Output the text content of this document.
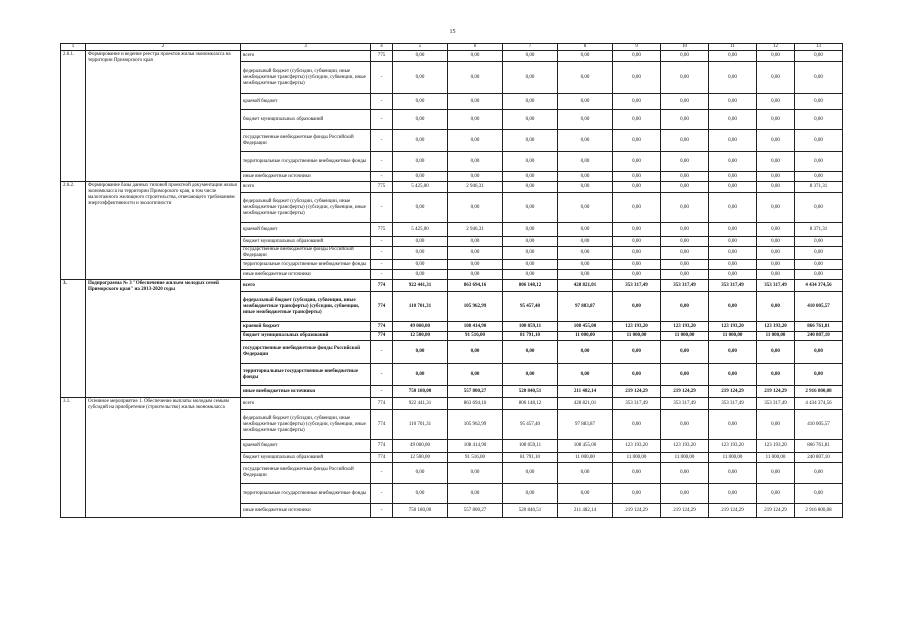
15
1	2	3	4	5	6	7	8	9	10	11	12	13
2.6.1.	Формирование и ведение реестра проектов жилья экономкласса на территории Приморского края	всего	775	0,00	0,00	0,00	0,00	0,00	0,00	0,00	0,00	0,00
		федеральный бюджет (субсидии, субвенции, иные межбюджетные трансферты) (субсидии, субвенции, иные межбюджетные трансферты)	-	0,00	0,00	0,00	0,00	0,00	0,00	0,00	0,00	0,00
		краевой бюджет	-	0,00	0,00	0,00	0,00	0,00	0,00	0,00	0,00	0,00
		бюджет муниципальных образований	-	0,00	0,00	0,00	0,00	0,00	0,00	0,00	0,00	0,00
		государственные внебюджетные фонды Российской Федерации	-	0,00	0,00	0,00	0,00	0,00	0,00	0,00	0,00	0,00
		территориальные государственные внебюджетные фонды	-	0,00	0,00	0,00	0,00	0,00	0,00	0,00	0,00	0,00
		иные внебюджетные источники	-	0,00	0,00	0,00	0,00	0,00	0,00	0,00	0,00	0,00
2.6.2.	Формирование базы данных типовой проектной документации жилья экономкласса на территории Приморского края, в том числе малоэтажного жилищного строительства, отвечающего требованиям энергоэффективности и экологичности	всего	775	5 425,00	2 946,31	0,00	0,00	0,00	0,00	0,00	0,00	8 371,31
		федеральный бюджет (субсидии, субвенции, иные межбюджетные трансферты) (субсидии, субвенции, иные межбюджетные трансферты)	-	0,00	0,00	0,00	0,00	0,00	0,00	0,00	0,00	0,00
		краевой бюджет	775	5 425,00	2 946,31	0,00	0,00	0,00	0,00	0,00	0,00	8 371,31
		бюджет муниципальных образований	-	0,00	0,00	0,00	0,00	0,00	0,00	0,00	0,00	0,00
		государственные внебюджетные фонды Российской Федерации	-	0,00	0,00	0,00	0,00	0,00	0,00	0,00	0,00	0,00
		территориальные государственные внебюджетные фонды	-	0,00	0,00	0,00	0,00	0,00	0,00	0,00	0,00	0,00
		иные внебюджетные источники	-	0,00	0,00	0,00	0,00	0,00	0,00	0,00	0,00	0,00
3.	Подпрограмма № 3 "Обеспечение жильем молодых семей Приморского края" на 2013-2020 годы	всего	774	922 441,31	863 694,16	806 148,12	428 821,01	353 317,49	353 317,49	353 317,49	353 317,49	4 434 374,56
		федеральный бюджет (субсидии, субвенции, иные межбюджетные трансферты) (субсидии, субвенции, иные межбюджетные трансферты)	774	110 701,31	105 962,99	95 457,40	97 883,87	0,00	0,00	0,00	0,00	410 005,57
		краевой бюджет	774	49 060,00	108 414,90	108 059,11	108 455,00	123 193,20	123 193,20	123 193,20	123 193,20	866 761,81
		бюджет муниципальных образований	774	12 500,00	91 516,00	81 791,10	11 000,00	11 000,00	11 000,00	11 000,00	11 000,00	240 807,10
		государственные внебюджетные фонды Российской Федерации	-	0,00	0,00	0,00	0,00	0,00	0,00	0,00	0,00	0,00
		территориальные государственные внебюджетные фонды	-	0,00	0,00	0,00	0,00	0,00	0,00	0,00	0,00	0,00
		иные внебюджетные источники	-	750 180,00	557 800,27	520 840,51	211 482,14	219 124,29	219 124,29	219 124,29	219 124,29	2 916 800,08
3.1.	Основное мероприятие 1. Обеспечение выплаты молодым семьям субсидий на приобретение (строительство) жилья экономкласса	всего	774	922 441,31	863 694,16	806 148,12	428 821,01	353 317,49	353 317,49	353 317,49	353 317,49	4 434 374,56
		федеральный бюджет (субсидии, субвенции, иные межбюджетные трансферты) (субсидии, субвенции, иные межбюджетные трансферты)	774	110 701,31	105 962,99	95 457,40	97 883,87	0,00	0,00	0,00	0,00	410 005,57
		краевой бюджет	774	49 060,00	108 414,90	108 059,11	108 455,00	123 193,20	123 193,20	123 193,20	123 193,20	866 761,81
		бюджет муниципальных образований	774	12 500,00	91 516,00	81 791,10	11 000,00	11 000,00	11 000,00	11 000,00	11 000,00	240 807,10
		государственные внебюджетные фонды Российской Федерации	-	0,00	0,00	0,00	0,00	0,00	0,00	0,00	0,00	0,00
		территориальные государственные внебюджетные фонды	-	0,00	0,00	0,00	0,00	0,00	0,00	0,00	0,00	0,00
		иные внебюджетные источники	-	750 180,00	557 800,27	520 840,51	211 482,14	219 124,29	219 124,29	219 124,29	219 124,29	2 916 800,08
